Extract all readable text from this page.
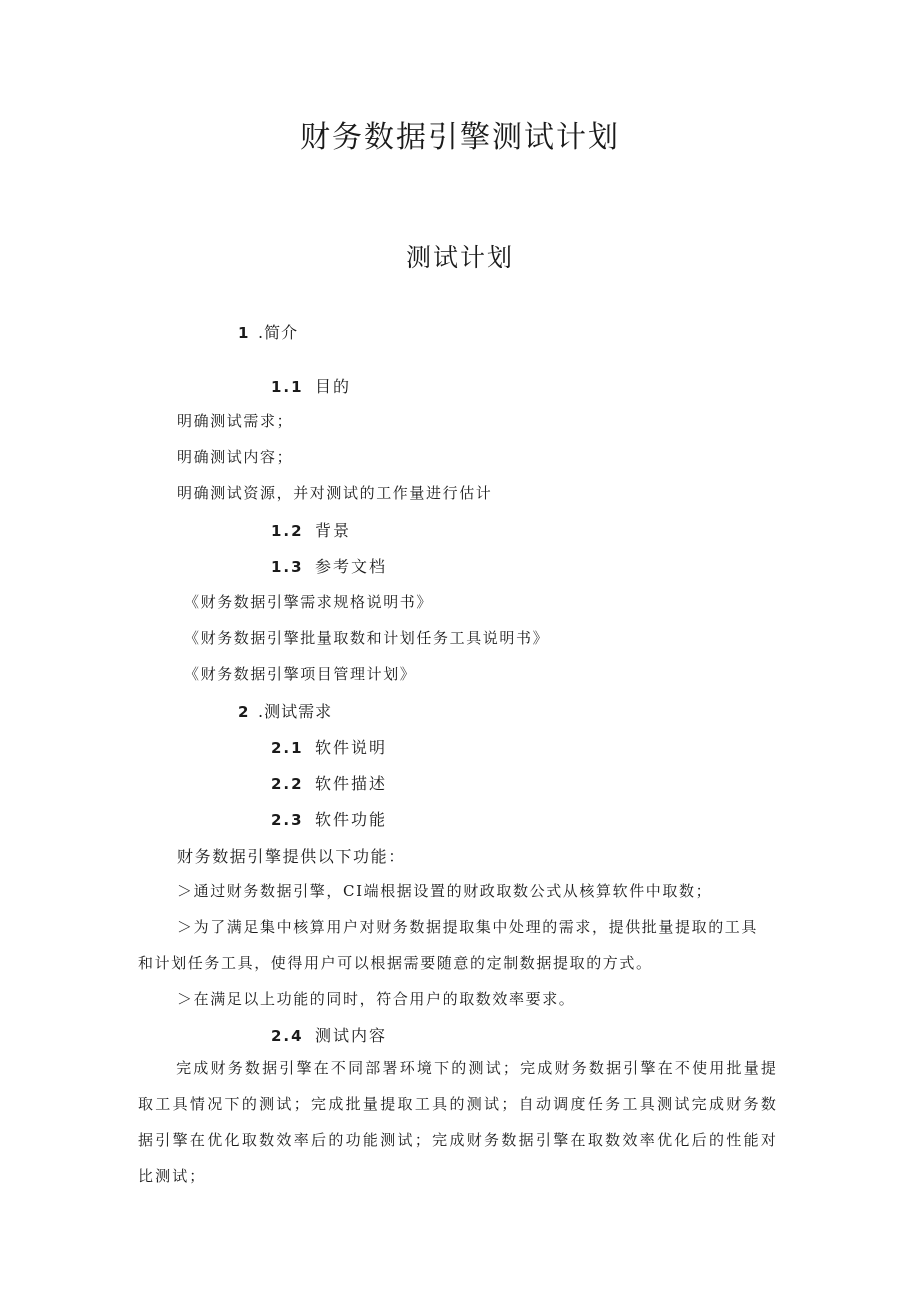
财务数据引擎测试计划
测试计划
1 .简介
1.1 目的
明确测试需求；
明确测试内容；
明确测试资源，并对测试的工作量进行估计
1.2 背景
1.3 参考文档
《财务数据引擎需求规格说明书》
《财务数据引擎批量取数和计划任务工具说明书》
《财务数据引擎项目管理计划》
2 .测试需求
2.1 软件说明
2.2 软件描述
2.3 软件功能
财务数据引擎提供以下功能：
＞通过财务数据引擎，CI端根据设置的财政取数公式从核算软件中取数；
＞为了满足集中核算用户对财务数据提取集中处理的需求，提供批量提取的工具
和计划任务工具，使得用户可以根据需要随意的定制数据提取的方式。
＞在满足以上功能的同时，符合用户的取数效率要求。
2.4 测试内容
完成财务数据引擎在不同部署环境下的测试；完成财务数据引擎在不使用批量提取工具情况下的测试；完成批量提取工具的测试；自动调度任务工具测试完成财务数据引擎在优化取数效率后的功能测试；完成财务数据引擎在取数效率优化后的性能对比测试；
